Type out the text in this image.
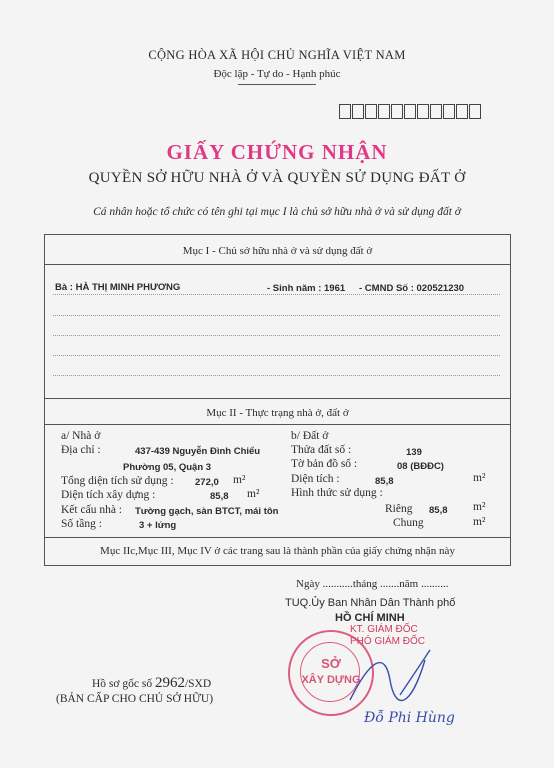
CỘNG HÒA XÃ HỘI CHỦ NGHĨA VIỆT NAM
Độc lập - Tự do - Hạnh phúc
GIẤY CHỨNG NHẬN
QUYỀN SỞ HỮU NHÀ Ở VÀ QUYỀN SỬ DỤNG ĐẤT Ở
Cá nhân hoặc tổ chức có tên ghi tại mục I là chủ sở hữu nhà ở và sử dụng đất ở
Mục I - Chủ sở hữu nhà ở và sử dụng đất ở
Bà : HÀ THỊ MINH PHƯƠNG	- Sinh năm : 1961 - CMND Số : 020521230
Mục II - Thực trạng nhà ở, đất ở
a/ Nhà ở
Địa chỉ :	437-439 Nguyễn Đình Chiểu
Phường 05, Quận 3
Tổng diện tích sử dụng : 272,0 m²
Diện tích xây dựng :	85,8 m²
Kết cấu nhà : Tường gạch, sàn BTCT, mái tôn
Số tầng :	3 + lửng
b/ Đất ở
Thửa đất số :	139
Tờ bản đồ số :	08 (BĐĐC)
Diện tích :	85,8	m²
Hình thức sử dụng :
Riêng 85,8 m²
Chung	m²
Mục IIc,Mục III, Mục IV ở các trang sau là thành phần của giấy chứng nhận này
Ngày ...........tháng .......năm ..........
TUQ.Ủy Ban Nhân Dân Thành phố
HỒ CHÍ MINH
KT. GIÁM ĐỐC
PHÓ GIÁM ĐỐC
SỞ
XÂY DỰNG
Đỗ Phi Hùng
Hồ sơ gốc số 2962/SXD
(BẢN CẤP CHO CHỦ SỞ HỮU)
